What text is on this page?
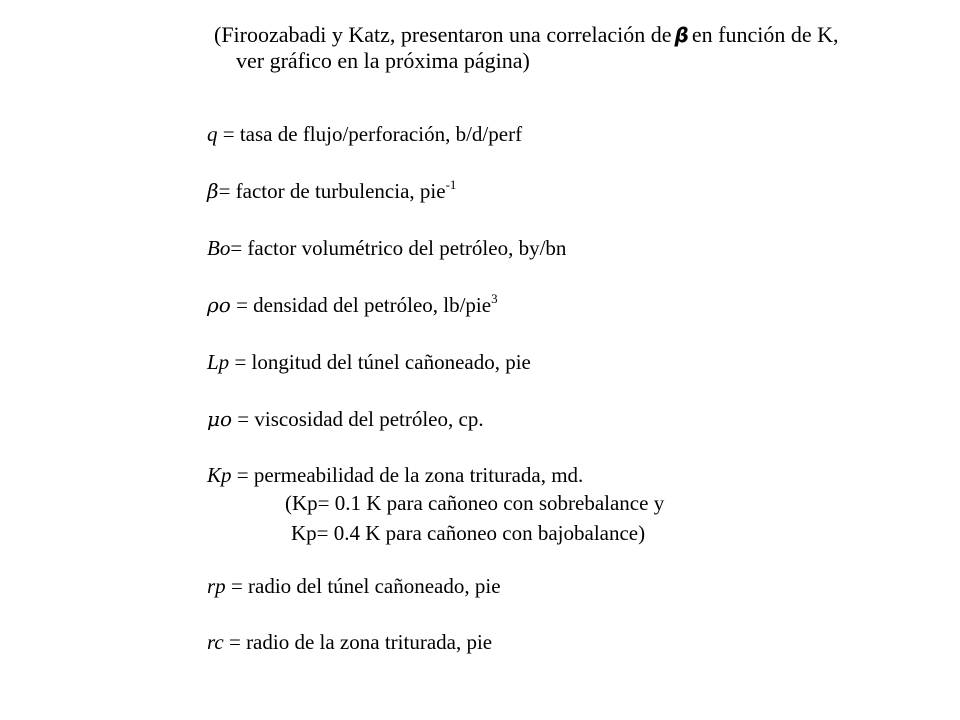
(Firoozabadi y Katz, presentaron una correlación de β en función de K,
ver gráfico en la próxima página)
q = tasa de flujo/perforación, b/d/perf
β= factor de turbulencia, pie$^{-1}$
Bo= factor volumétrico del petróleo, by/bn
ρo = densidad del petróleo, lb/pie$^3$
Lp = longitud del túnel cañoneado, pie
μo = viscosidad del petróleo, cp.
Kp = permeabilidad de la zona triturada, md.
(Kp= 0.1 K para cañoneo con sobrebalance y
Kp= 0.4 K para cañoneo con bajobalance)
rp = radio del túnel cañoneado, pie
rc = radio de la zona triturada, pie
